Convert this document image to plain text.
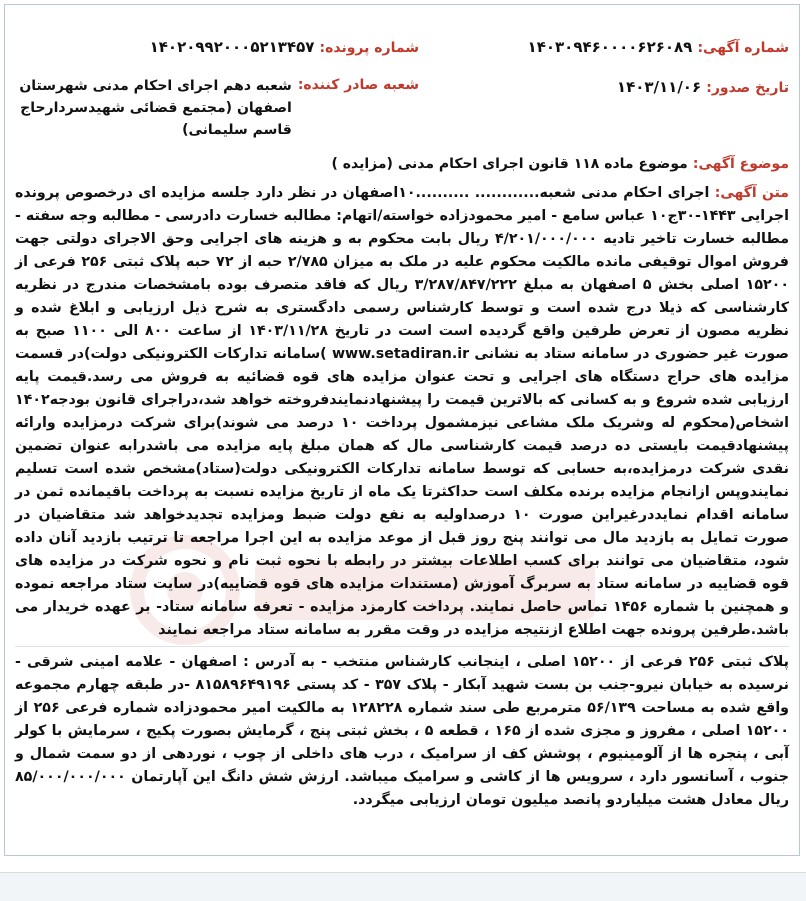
شماره آگهی: ۱۴۰۳۰۹۴۶۰۰۰۰۶۲۶۰۸۹
شماره پرونده: ۱۴۰۲۰۹۹۲۰۰۰۵۲۱۳۴۵۷
تاریخ صدور: ۱۴۰۳/۱۱/۰۶
شعبه صادر کننده:
شعبه دهم اجرای احکام مدنی شهرستان اصفهان (مجتمع قضائی شهیدسردارحاج قاسم سلیمانی)
موضوع آگهی: موضوع ماده ۱۱۸ قانون اجرای احکام مدنی (مزایده )
متن آگهی: اجرای احکام مدنی شعبه............ ..........۱۰اصفهان در نظر دارد جلسه مزایده ای درخصوص پرونده اجرایی ۱۴۴۳-۳۰ج۱۰ عباس سامع - امیر محمودزاده خواسته/اتهام: مطالبه خسارت دادرسی - مطالبه وجه سفته - مطالبه خسارت تاخیر تادیه ۴/۲۰۱/۰۰۰/۰۰۰ ریال بابت محکوم به و هزینه های اجرایی وحق الاجرای دولتی جهت فروش اموال توقیفی مانده مالکیت محکوم علیه در ملک به میزان ۲/۷۸۵ حبه از ۷۲ حبه پلاک ثبتی ۲۵۶ فرعی از ۱۵۲۰۰ اصلی بخش ۵ اصفهان به مبلغ ۳/۲۸۷/۸۴۷/۲۲۲ ریال که فاقد متصرف بوده بامشخصات مندرج در نظریه کارشناسی که ذیلا درج شده است و توسط کارشناس رسمی دادگستری به شرح ذیل ارزیابی و ابلاغ شده و نظریه مصون از تعرض طرفین واقع گردیده است است در تاریخ ۱۴۰۳/۱۱/۲۸ از ساعت ۸۰۰ الی ۱۱۰۰ صبح به صورت غیر حضوری در سامانه ستاد به نشانی www.setadiran.ir )سامانه تدارکات الکترونیکی دولت)در قسمت مزایده های حراج دستگاه های اجرایی و تحت عنوان مزایده های قوه قضائیه به فروش می رسد.قیمت پایه ارزیابی شده شروع و به کسانی که بالاترین قیمت را پیشنهادنمایندفروخته خواهد شد،دراجرای قانون بودجه۱۴۰۲ اشخاص(محکوم له وشریک ملک مشاعی نیزمشمول پرداخت ۱۰ درصد می شوند)برای شرکت درمزایده وارائه پیشنهادقیمت بایستی ده درصد قیمت کارشناسی مال که همان مبلغ پایه مزایده می باشدرابه عنوان تضمین نقدی شرکت درمزایده،به حسابی که توسط سامانه تدارکات الکترونیکی دولت(ستاد)مشخص شده است تسلیم نمایندوپس ازانجام مزایده برنده مکلف است حداکثرتا یک ماه از تاریخ مزایده نسبت به پرداخت باقیمانده ثمن در سامانه اقدام نمایددرغیراین صورت ۱۰ درصداولیه به نفع دولت ضبط ومزایده تجدیدخواهد شد متقاضیان در صورت تمایل به بازدید مال می توانند پنج روز قبل از موعد مزایده به این اجرا مراجعه تا ترتیب بازدید آنان داده شود، متقاضیان می توانند برای کسب اطلاعات بیشتر در رابطه با نحوه ثبت نام و نحوه شرکت در مزایده های قوه قضاییه در سامانه ستاد به سربرگ آموزش (مستندات مزایده های قوه قضاییه)در سایت ستاد مراجعه نموده و همچنین با شماره ۱۴۵۶ تماس حاصل نمایند. پرداخت کارمزد مزایده - تعرفه سامانه ستاد- بر عهده خریدار می باشد.طرفین پرونده جهت اطلاع ازنتیجه مزایده در وقت مقرر به سامانه ستاد مراجعه نمایند
پلاک ثبتی ۲۵۶ فرعی از ۱۵۲۰۰ اصلی ، اینجانب کارشناس منتخب - به آدرس : اصفهان - علامه امینی شرقی - نرسیده به خیابان نیرو-جنب بن بست شهید آبکار - پلاک ۳۵۷ - کد پستی ۸۱۵۸۹۶۴۹۱۹۶ -در طبقه چهارم مجموعه واقع شده به مساحت ۵۶/۱۳۹ مترمربع طی سند شماره ۱۲۸۲۲۸ به مالکیت امیر محمودزاده شماره فرعی ۲۵۶ از ۱۵۲۰۰ اصلی ، مفروز و مجزی شده از ۱۶۵ ، قطعه ۵ ، بخش ثبتی پنج ، گرمایش بصورت پکیج ، سرمایش با کولر آبی ، پنجره ها از آلومینیوم ، پوشش کف از سرامیک ، درب های داخلی از چوب ، نوردهی از دو سمت شمال و جنوب ، آسانسور دارد ، سرویس ها از کاشی و سرامیک میباشد. ارزش شش دانگ این آپارتمان ۸۵/۰۰۰/۰۰۰/۰۰۰ ریال معادل هشت میلیاردو پانصد میلیون تومان ارزیابی میگردد.
